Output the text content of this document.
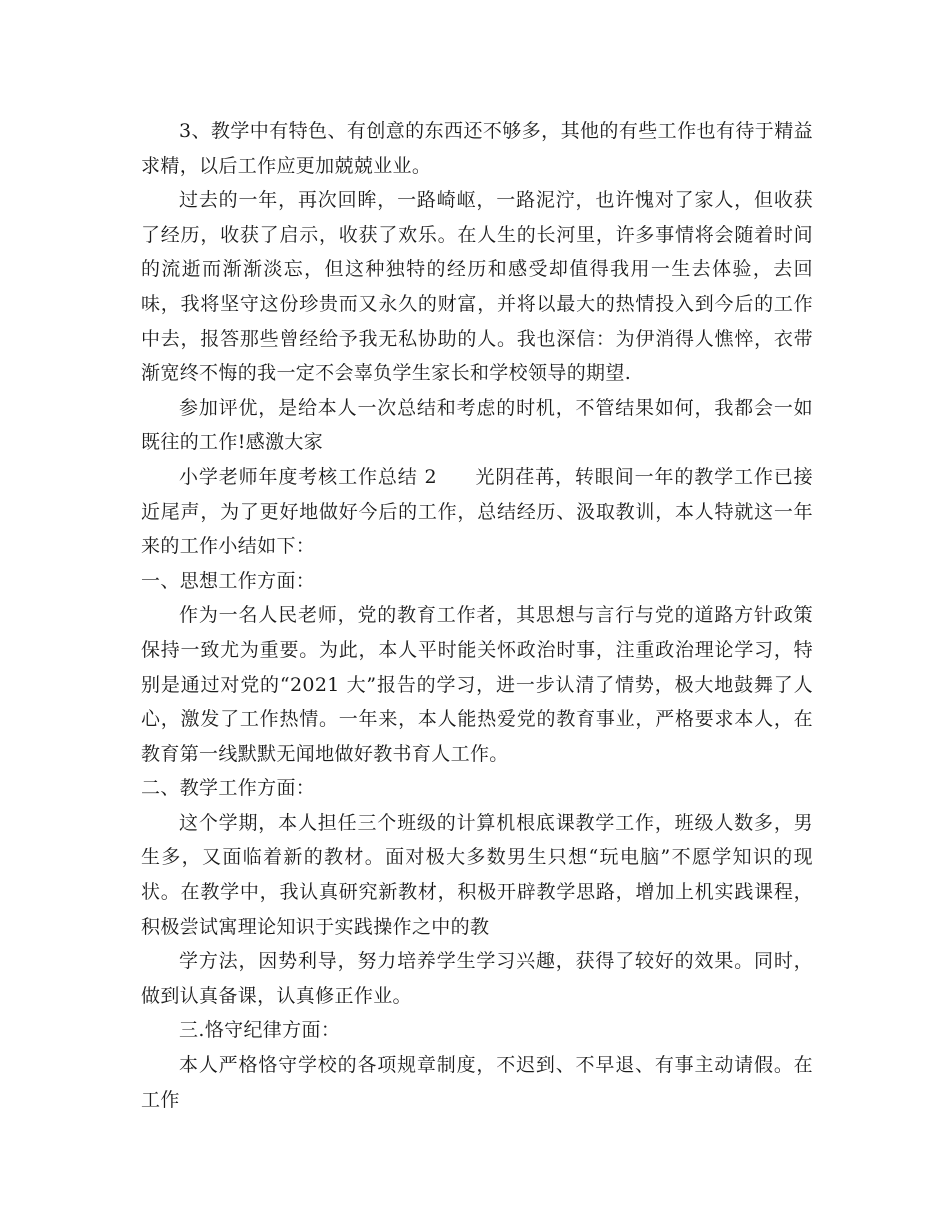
3、教学中有特色、有创意的东西还不够多，其他的有些工作也有待于精益求精，以后工作应更加兢兢业业。

过去的一年，再次回眸，一路崎岖，一路泥泞，也许愧对了家人，但收获了经历，收获了启示，收获了欢乐。在人生的长河里，许多事情将会随着时间的流逝而渐渐淡忘，但这种独特的经历和感受却值得我用一生去体验，去回味，我将坚守这份珍贵而又永久的财富，并将以最大的热情投入到今后的工作中去，报答那些曾经给予我无私协助的人。我也深信：为伊消得人憔悴，衣带渐宽终不悔的我一定不会辜负学生家长和学校领导的期望.

参加评优，是给本人一次总结和考虑的时机，不管结果如何，我都会一如既往的工作!感激大家

小学老师年度考核工作总结 2 光阴荏苒，转眼间一年的教学工作已接近尾声，为了更好地做好今后的工作，总结经历、汲取教训，本人特就这一年来的工作小结如下：

一、思想工作方面：

作为一名人民老师，党的教育工作者，其思想与言行与党的道路方针政策保持一致尤为重要。为此，本人平时能关怀政治时事，注重政治理论学习，特别是通过对党的“2021 大”报告的学习，进一步认清了情势，极大地鼓舞了人心，激发了工作热情。一年来，本人能热爱党的教育事业，严格要求本人，在教育第一线默默无闻地做好教书育人工作。

二、教学工作方面：

这个学期，本人担任三个班级的计算机根底课教学工作，班级人数多，男生多，又面临着新的教材。面对极大多数男生只想“玩电脑”不愿学知识的现状。在教学中，我认真研究新教材，积极开辟教学思路，增加上机实践课程，积极尝试寓理论知识于实践操作之中的教

学方法，因势利导，努力培养学生学习兴趣，获得了较好的效果。同时，做到认真备课，认真修正作业。

三.恪守纪律方面：

本人严格恪守学校的各项规章制度，不迟到、不早退、有事主动请假。在工作
